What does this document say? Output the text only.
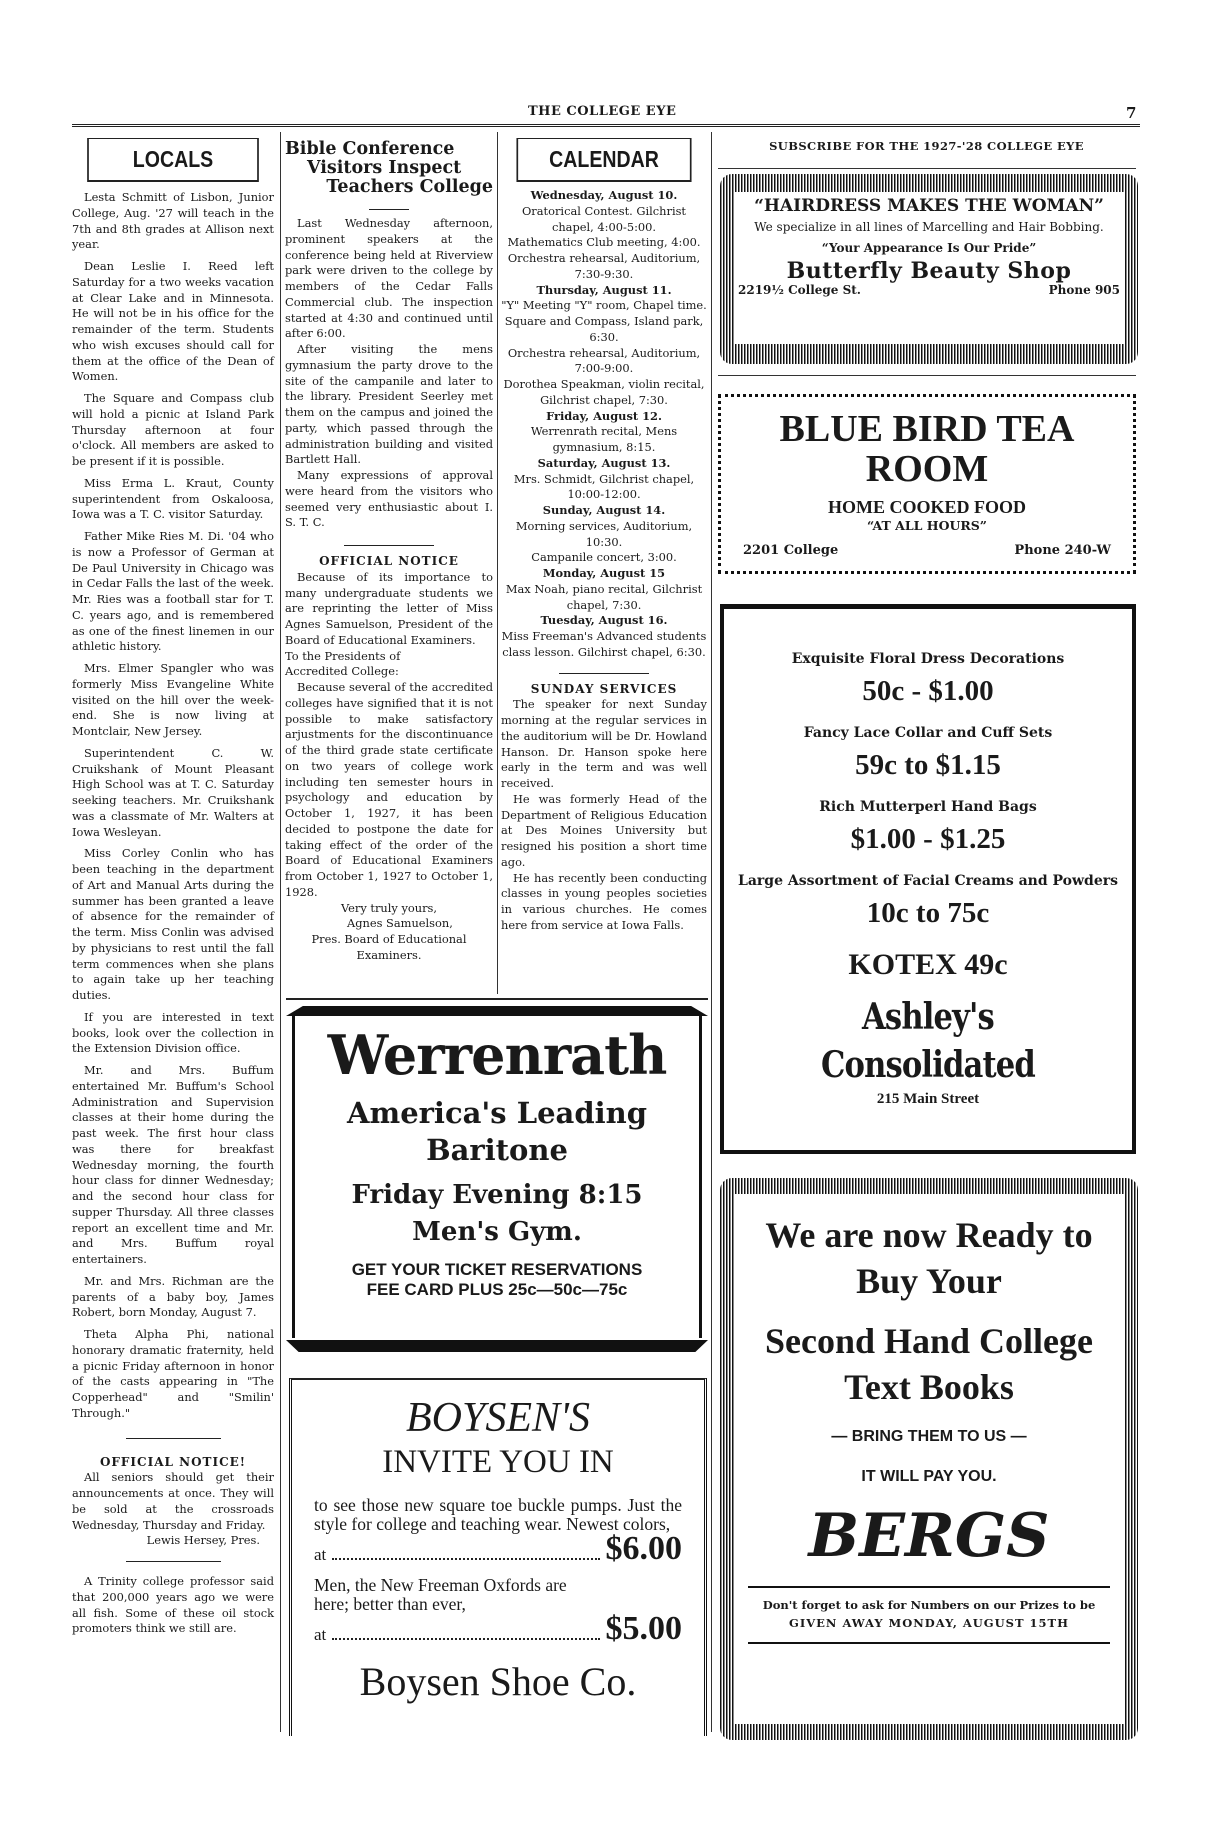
THE COLLEGE EYE	7
LOCALS

Lesta Schmitt of Lisbon, Junior College, Aug. '27 will teach in the 7th and 8th grades at Allison next year.

Dean Leslie I. Reed left Saturday for a two weeks vacation at Clear Lake and in Minnesota. He will not be in his office for the remainder of the term. Students who wish excuses should call for them at the office of the Dean of Women.

The Square and Compass club will hold a picnic at Island Park Thursday afternoon at four o'clock. All members are asked to be present if it is possible.

Miss Erma L. Kraut, County superintendent from Oskaloosa, Iowa was a T. C. visitor Saturday.

Father Mike Ries M. Di. '04 who is now a Professor of German at De Paul University in Chicago was in Cedar Falls the last of the week. Mr. Ries was a football star for T. C. years ago, and is remembered as one of the finest linemen in our athletic history.

Mrs. Elmer Spangler who was formerly Miss Evangeline White visited on the hill over the week-end. She is now living at Montclair, New Jersey.

Superintendent C. W. Cruikshank of Mount Pleasant High School was at T. C. Saturday seeking teachers. Mr. Cruikshank was a classmate of Mr. Walters at Iowa Wesleyan.

Miss Corley Conlin who has been teaching in the department of Art and Manual Arts during the summer has been granted a leave of absence for the remainder of the term. Miss Conlin was advised by physicians to rest until the fall term commences when she plans to again take up her teaching duties.

If you are interested in text books, look over the collection in the Extension Division office.

Mr. and Mrs. Buffum entertained Mr. Buffum's School Administration and Supervision classes at their home during the past week. The first hour class was there for breakfast Wednesday morning, the fourth hour class for dinner Wednesday; and the second hour class for supper Thursday. All three classes report an excellent time and Mr. and Mrs. Buffum royal entertainers.

Mr. and Mrs. Richman are the parents of a baby boy, James Robert, born Monday, August 7.

Theta Alpha Phi, national honorary dramatic fraternity, held a picnic Friday afternoon in honor of the casts appearing in "The Copperhead" and "Smilin' Through."

OFFICIAL NOTICE!

All seniors should get their announcements at once. They will be sold at the crossroads Wednesday, Thursday and Friday.

Lewis Hersey, Pres.

A Trinity college professor said that 200,000 years ago we were all fish. Some of these oil stock promoters think we still are.

Bible Conference
Visitors Inspect
Teachers College

Last Wednesday afternoon, prominent speakers at the conference being held at Riverview park were driven to the college by members of the Cedar Falls Commercial club. The inspection started at 4:30 and continued until after 6:00.

After visiting the mens gymnasium the party drove to the site of the campanile and later to the library. President Seerley met them on the campus and joined the party, which passed through the administration building and visited Bartlett Hall.

Many expressions of approval were heard from the visitors who seemed very enthusiastic about I. S. T. C.

OFFICIAL NOTICE

Because of its importance to many undergraduate students we are reprinting the letter of Miss Agnes Samuelson, President of the Board of Educational Examiners.

To the Presidents of
Accredited College:

Because several of the accredited colleges have signified that it is not possible to make satisfactory arjustments for the discontinuance of the third grade state certificate on two years of college work including ten semester hours in psychology and education by October 1, 1927, it has been decided to postpone the date for taking effect of the order of the Board of Educational Examiners from October 1, 1927 to October 1, 1928.

Very truly yours,
Agnes Samuelson,
Pres. Board of Educational Examiners.
CALENDAR
Wednesday, August 10.
Oratorical Contest. Gilchrist chapel, 4:00-5:00.
Mathematics Club meeting, 4:00.
Orchestra rehearsal, Auditorium, 7:30-9:30.
Thursday, August 11.
"Y" Meeting "Y" room, Chapel time.
Square and Compass, Island park, 6:30.
Orchestra rehearsal, Auditorium, 7:00-9:00.
Dorothea Speakman, violin recital, Gilchrist chapel, 7:30.
Friday, August 12.
Werrenrath recital, Mens gymnasium, 8:15.
Saturday, August 13.
Mrs. Schmidt, Gilchrist chapel, 10:00-12:00.
Sunday, August 14.
Morning services, Auditorium, 10:30.
Campanile concert, 3:00.
Monday, August 15
Max Noah, piano recital, Gilchrist chapel, 7:30.
Tuesday, August 16.
Miss Freeman's Advanced students class lesson. Gilchirst chapel, 6:30.
SUNDAY SERVICES

The speaker for next Sunday morning at the regular services in the auditorium will be Dr. Howland Hanson. Dr. Hanson spoke here early in the term and was well received.

He was formerly Head of the Department of Religious Education at Des Moines University but resigned his position a short time ago.

He has recently been conducting classes in young peoples societies in various churches. He comes here from service at Iowa Falls.

Werrenrath
America's Leading
Baritone
Friday Evening 8:15
Men's Gym.
GET YOUR TICKET RESERVATIONS
FEE CARD PLUS 25c—50c—75c
BOYSEN'S
INVITE YOU IN
to see those new square toe buckle pumps. Just the style for college and teaching wear. Newest colors,
at	$6.00
Men, the New Freeman Oxfords are here; better than ever,
at	$5.00
Boysen Shoe Co.
SUBSCRIBE FOR THE 1927-'28 COLLEGE EYE
“HAIRDRESS MAKES THE WOMAN”
We specialize in all lines of Marcelling and Hair Bobbing.
“Your Appearance Is Our Pride”
Butterfly Beauty Shop
2219½ College St.	Phone 905
BLUE BIRD TEA
ROOM
HOME COOKED FOOD
“AT ALL HOURS”
2201 College	Phone 240-W
Exquisite Floral Dress Decorations
50c - $1.00
Fancy Lace Collar and Cuff Sets
59c to $1.15
Rich Mutterperl Hand Bags
$1.00 - $1.25
Large Assortment of Facial Creams and Powders
10c to 75c
KOTEX 49c
Ashley's Consolidated
215 Main Street
We are now Ready to
Buy Your
Second Hand College
Text Books
— BRING THEM TO US —
IT WILL PAY YOU.
BERGS
Don't forget to ask for Numbers on our Prizes to be
GIVEN AWAY MONDAY, AUGUST 15TH
